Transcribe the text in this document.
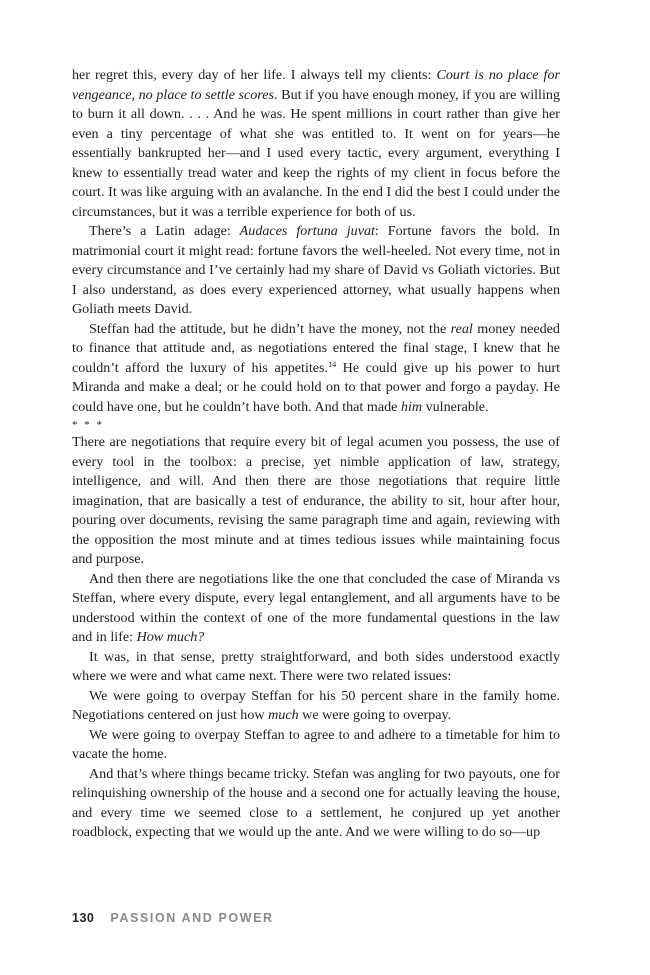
her regret this, every day of her life. I always tell my clients: Court is no place for vengeance, no place to settle scores. But if you have enough money, if you are willing to burn it all down. . . . And he was. He spent millions in court rather than give her even a tiny percentage of what she was entitled to. It went on for years—he essentially bankrupted her—and I used every tactic, every argument, everything I knew to essentially tread water and keep the rights of my client in focus before the court. It was like arguing with an avalanche. In the end I did the best I could under the circumstances, but it was a terrible experience for both of us.

There’s a Latin adage: Audaces fortuna juvat: Fortune favors the bold. In matrimonial court it might read: fortune favors the well-heeled. Not every time, not in every circumstance and I’ve certainly had my share of David vs Goliath victories. But I also understand, as does every experienced attorney, what usually happens when Goliath meets David.

Steffan had the attitude, but he didn’t have the money, not the real money needed to finance that attitude and, as negotiations entered the final stage, I knew that he couldn’t afford the luxury of his appetites.$^{14}$ He could give up his power to hurt Miranda and make a deal; or he could hold on to that power and forgo a payday. He could have one, but he couldn’t have both. And that made him vulnerable.

* * *

There are negotiations that require every bit of legal acumen you possess, the use of every tool in the toolbox: a precise, yet nimble application of law, strategy, intelligence, and will. And then there are those negotiations that require little imagination, that are basically a test of endurance, the ability to sit, hour after hour, pouring over documents, revising the same paragraph time and again, reviewing with the opposition the most minute and at times tedious issues while maintaining focus and purpose.

And then there are negotiations like the one that concluded the case of Miranda vs Steffan, where every dispute, every legal entanglement, and all arguments have to be understood within the context of one of the more fundamental questions in the law and in life: How much?

It was, in that sense, pretty straightforward, and both sides understood exactly where we were and what came next. There were two related issues:

We were going to overpay Steffan for his 50 percent share in the family home. Negotiations centered on just how much we were going to overpay.

We were going to overpay Steffan to agree to and adhere to a timetable for him to vacate the home.

And that’s where things became tricky. Stefan was angling for two payouts, one for relinquishing ownership of the house and a second one for actually leaving the house, and every time we seemed close to a settlement, he conjured up yet another roadblock, expecting that we would up the ante. And we were willing to do so—up

130 PASSION AND POWER
